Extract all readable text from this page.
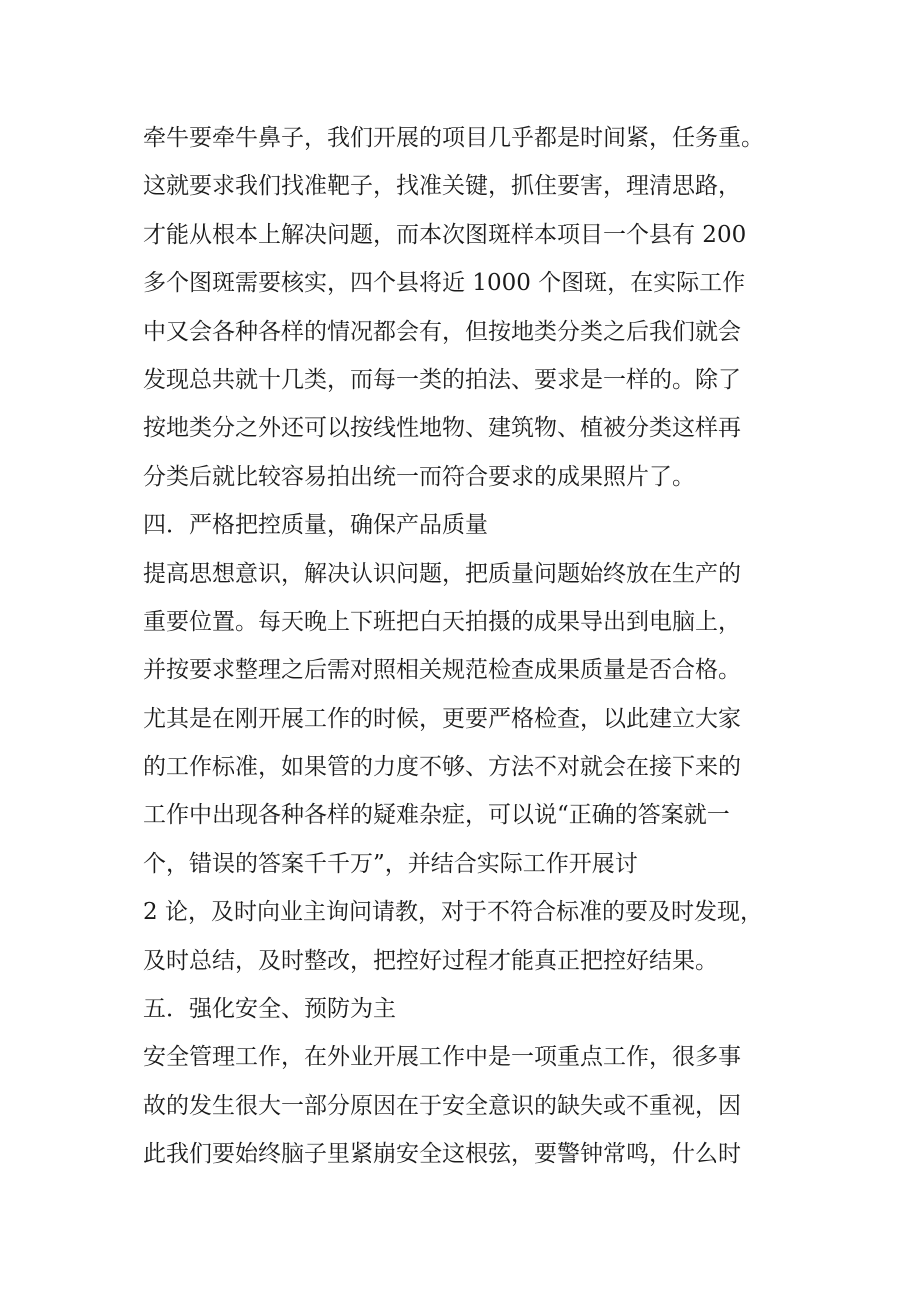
牵牛要牵牛鼻子，我们开展的项目几乎都是时间紧，任务重。
这就要求我们找准靶子，找准关键，抓住要害，理清思路，
才能从根本上解决问题，而本次图斑样本项目一个县有 200
多个图斑需要核实，四个县将近 1000 个图斑，在实际工作
中又会各种各样的情况都会有，但按地类分类之后我们就会
发现总共就十几类，而每一类的拍法、要求是一样的。除了
按地类分之外还可以按线性地物、建筑物、植被分类这样再
分类后就比较容易拍出统一而符合要求的成果照片了。
四．严格把控质量，确保产品质量
提高思想意识，解决认识问题，把质量问题始终放在生产的
重要位置。每天晚上下班把白天拍摄的成果导出到电脑上，
并按要求整理之后需对照相关规范检查成果质量是否合格。
尤其是在刚开展工作的时候，更要严格检查，以此建立大家
的工作标准，如果管的力度不够、方法不对就会在接下来的
工作中出现各种各样的疑难杂症，可以说“正确的答案就一
个，错误的答案千千万”，并结合实际工作开展讨
2 论，及时向业主询问请教，对于不符合标准的要及时发现，
及时总结，及时整改，把控好过程才能真正把控好结果。
五．强化安全、预防为主
安全管理工作，在外业开展工作中是一项重点工作，很多事
故的发生很大一部分原因在于安全意识的缺失或不重视，因
此我们要始终脑子里紧崩安全这根弦，要警钟常鸣，什么时
